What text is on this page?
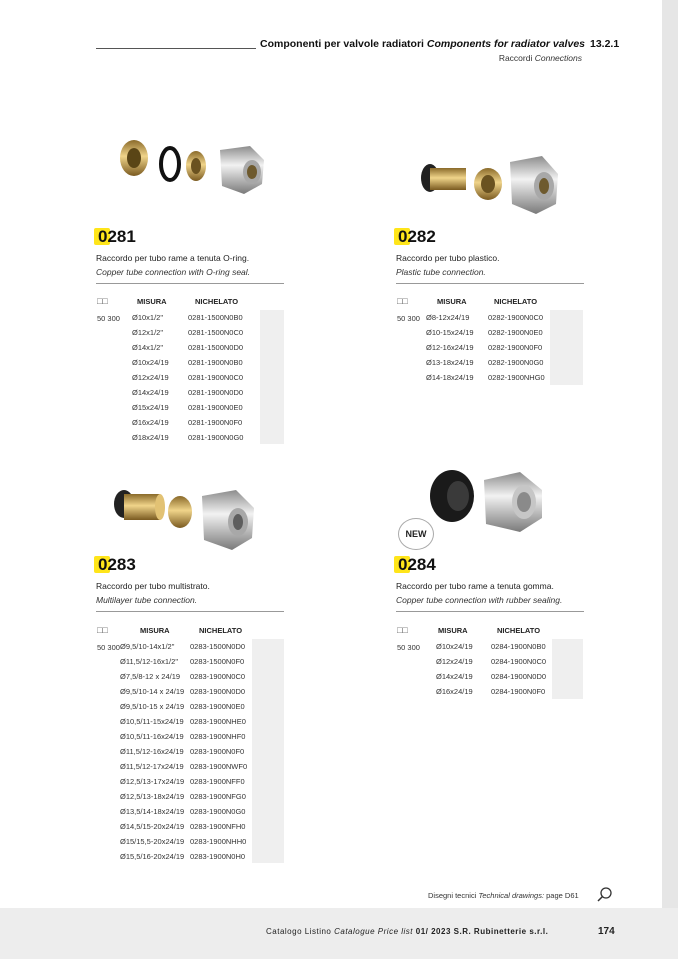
Componenti per valvole radiatori Components for radiator valves 13.2.1
Raccordi Connections
NEW
0281
Raccordo per tubo rame a tenuta O-ring.
Copper tube connection with O-ring seal.
□□	MISURA	NICHELATO
50 300 Ø10x1/2"	0281-1500N0B0
Ø12x1/2"	0281-1500N0C0
Ø14x1/2"	0281-1500N0D0
Ø10x24/19	0281-1900N0B0
Ø12x24/19	0281-1900N0C0
Ø14x24/19	0281-1900N0D0
Ø15x24/19	0281-1900N0E0
Ø16x24/19	0281-1900N0F0
Ø18x24/19	0281-1900N0G0
0282
Raccordo per tubo plastico.
Plastic tube connection.
□□	MISURA	NICHELATO
50 300 Ø8-12x24/19 0282-1900N0C0
Ø10-15x24/19 0282-1900N0E0
Ø12-16x24/19 0282-1900N0F0
Ø13-18x24/19 0282-1900N0G0
Ø14-18x24/19 0282-1900NHG0
0283
Raccordo per tubo multistrato.
Multilayer tube connection.
□□	MISURA	NICHELATO
50 300 Ø9,5/10-14x1/2" 0283-1500N0D0
Ø11,5/12-16x1/2" 0283-1500N0F0
Ø7,5/8-12 x 24/19 0283-1900N0C0
Ø9,5/10-14 x 24/19 0283-1900N0D0
Ø9,5/10-15 x 24/19 0283-1900N0E0
Ø10,5/11-15x24/19 0283-1900NHE0
Ø10,5/11-16x24/19 0283-1900NHF0
Ø11,5/12-16x24/19 0283-1900N0F0
Ø11,5/12-17x24/19 0283-1900NWF0
Ø12,5/13-17x24/19 0283-1900NFF0
Ø12,5/13-18x24/19 0283-1900NFG0
Ø13,5/14-18x24/19 0283-1900N0G0
Ø14,5/15-20x24/19 0283-1900NFH0
Ø15/15,5-20x24/19 0283-1900NHH0
Ø15,5/16-20x24/19 0283-1900N0H0
0284
Raccordo per tubo rame a tenuta gomma.
Copper tube connection with rubber sealing.
□□	MISURA	NICHELATO
50 300 Ø10x24/19 0284-1900N0B0
Ø12x24/19 0284-1900N0C0
Ø14x24/19 0284-1900N0D0
Ø16x24/19 0284-1900N0F0
Disegni tecnici Technical drawings: page D61
Catalogo Listino Catalogue Price list 01/ 2023 S.R. Rubinetterie s.r.l.	174
